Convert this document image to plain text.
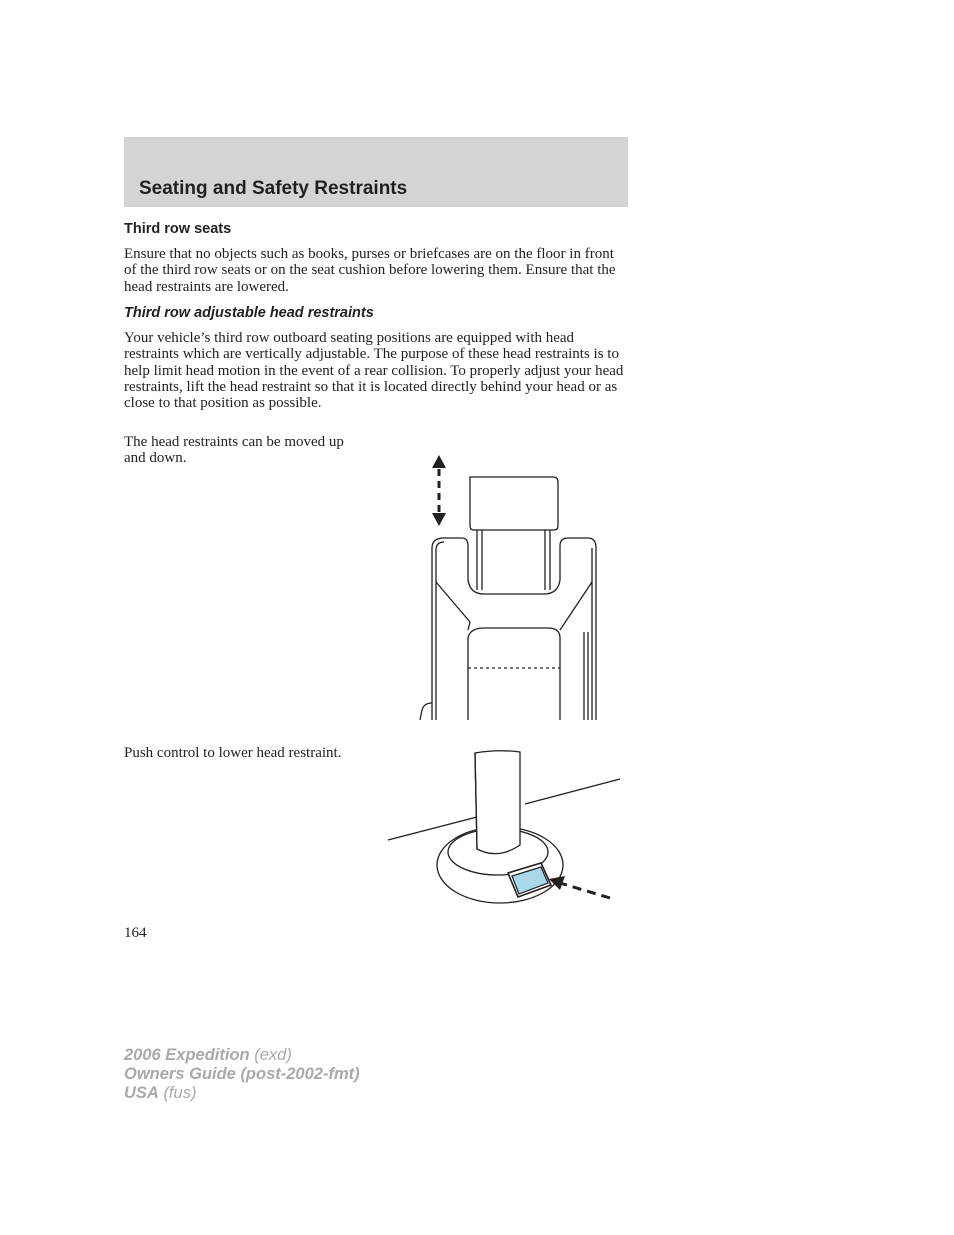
Seating and Safety Restraints
Third row seats

Ensure that no objects such as books, purses or briefcases are on the floor in front of the third row seats or on the seat cushion before lowering them. Ensure that the head restraints are lowered.

Third row adjustable head restraints

Your vehicle’s third row outboard seating positions are equipped with head restraints which are vertically adjustable. The purpose of these head restraints is to help limit head motion in the event of a rear collision. To properly adjust your head restraints, lift the head restraint so that it is located directly behind your head or as close to that position as possible.

The head restraints can be moved up and down.

Push control to lower head restraint.

164
2006 Expedition (exd)
Owners Guide (post-2002-fmt)
USA (fus)
